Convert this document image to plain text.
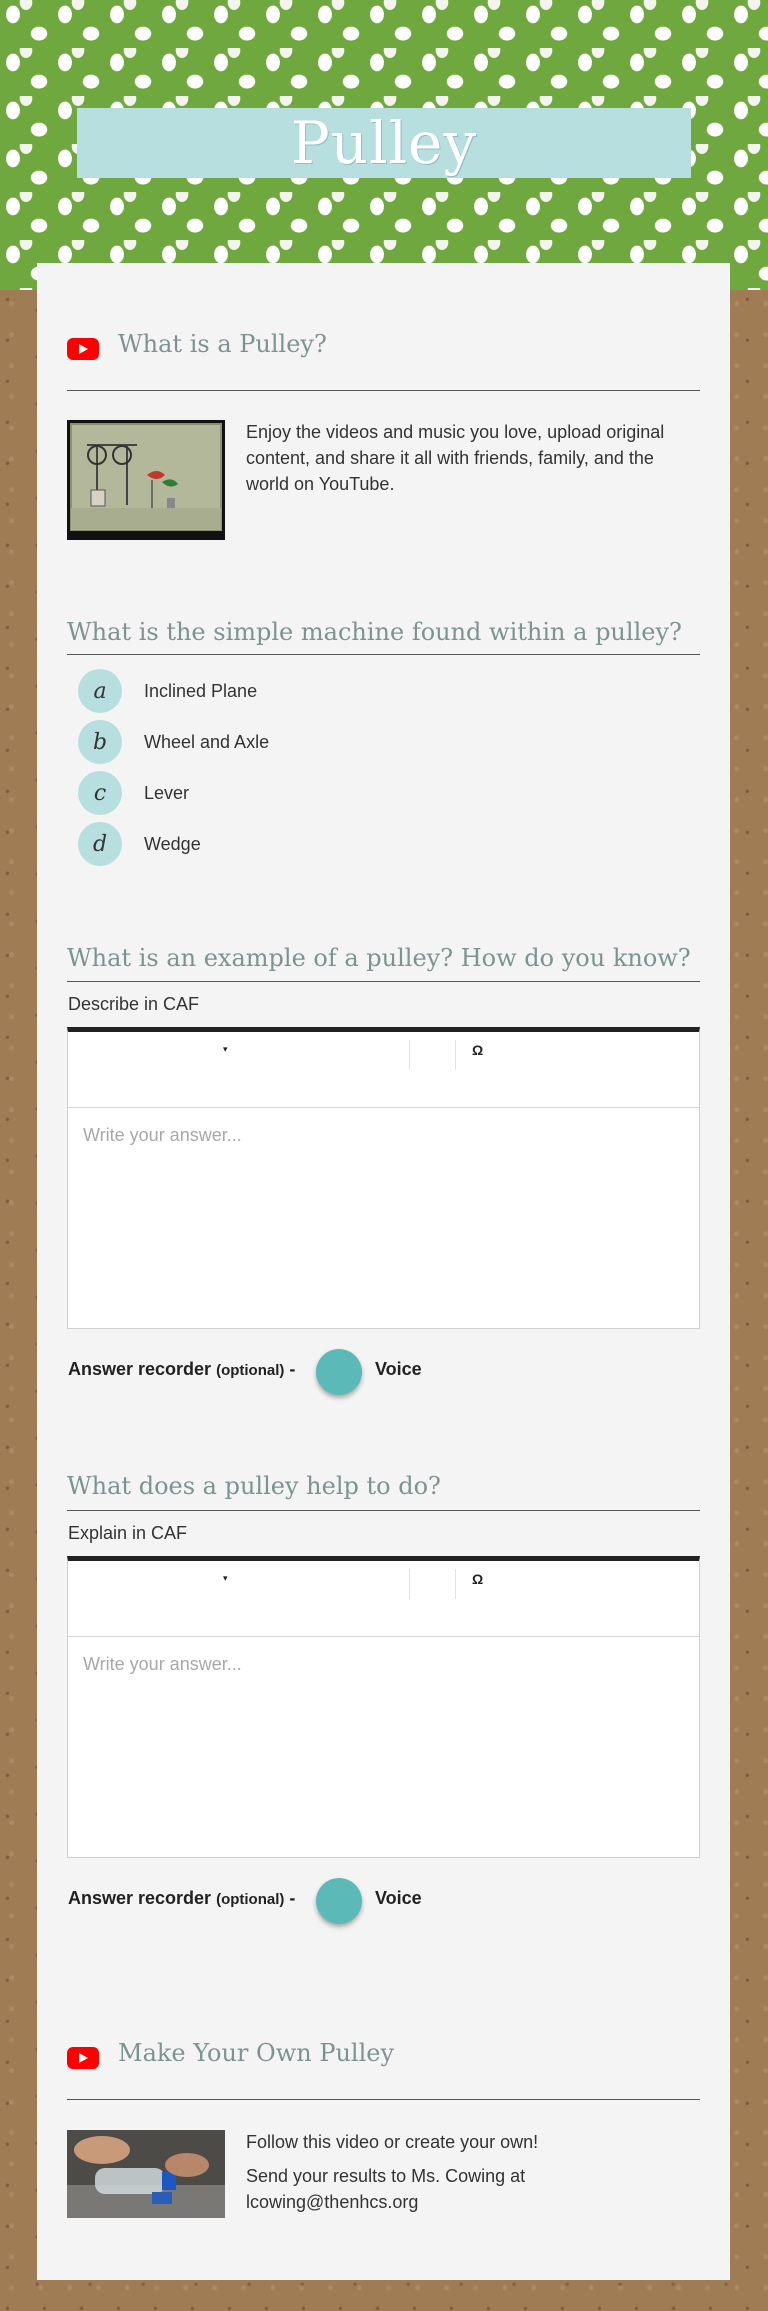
Pulley
What is a Pulley?
Enjoy the videos and music you love, upload original content, and share it all with friends, family, and the world on YouTube.
What is the simple machine found within a pulley?
a	Inclined Plane
b	Wheel and Axle
c	Lever
d	Wedge
What is an example of a pulley? How do you know?
Describe in CAF
▾	Ω
Write your answer...
Answer recorder (optional) -	Voice
What does a pulley help to do?
Explain in CAF
▾	Ω
Write your answer...
Answer recorder (optional) -	Voice
Make Your Own Pulley
Follow this video or create your own!
Send your results to Ms. Cowing at lcowing@thenhcs.org
